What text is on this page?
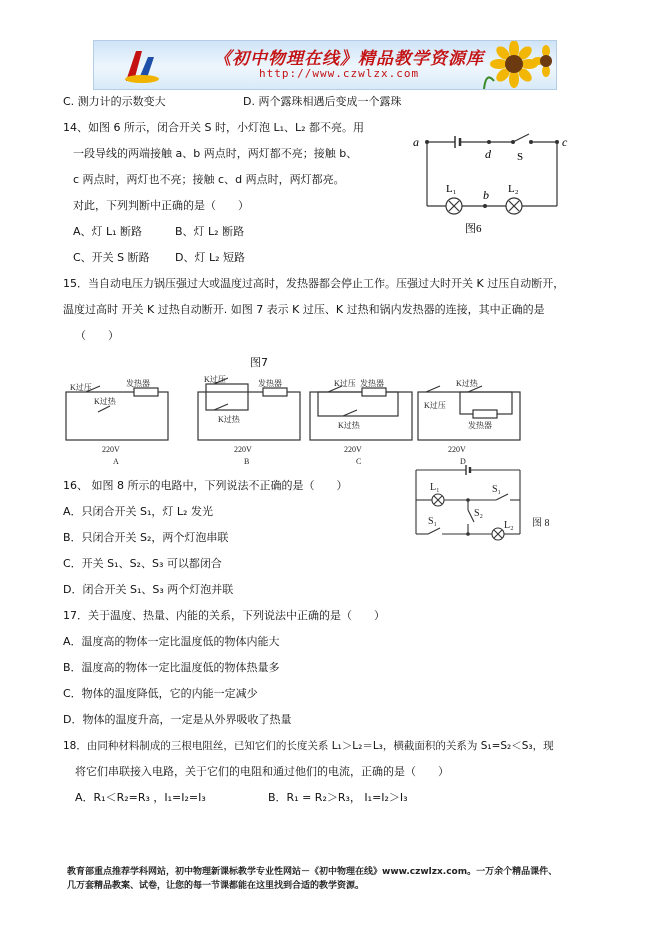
《初中物理在线》精品教学资源库
http://www.czwlzx.com
C. 测力计的示数变大	D. 两个露珠相遇后变成一个露珠
14、如图 6 所示，闭合开关 S 时，小灯泡 L₁、L₂ 都不亮。用
一段导线的两端接触 a、b 两点时，两灯都不亮；接触 b、
c 两点时，两灯也不亮；接触 c、d 两点时，两灯都亮。
对此，下列判断中正确的是（　　）
A、灯 L₁ 断路	B、灯 L₂ 断路
C、开关 S 断路 D、灯 L₂ 短路
a	c
d S
b
L₁	L₂
图6
15．当自动电压力锅压强过大或温度过高时，发热器都会停止工作。压强过大时开关 K 过压自动断开，
温度过高时 开关 K 过热自动断开. 如图 7 表示 K 过压、K 过热和锅内发热器的连接，其中正确的是
（　　）
图7
K过压	发热器
K过热
220V
A
K过压	发热器
K过热
220V
B
K过压 发热器
K过热
220V
C
K过压
K过热
发热器
220V
D
16、 如图 8 所示的电路中，下列说法不正确的是（　　）
A．只闭合开关 S₁，灯 L₂ 发光
B．只闭合开关 S₂，两个灯泡串联
C．开关 S₁、S₂、S₃ 可以都闭合
D．闭合开关 S₁、S₃ 两个灯泡并联
L₁	S₁
S₂
S₁	L₂ 图 8
17．关于温度、热量、内能的关系，下列说法中正确的是（　　）
A．温度高的物体一定比温度低的物体内能大
B．温度高的物体一定比温度低的物体热量多
C．物体的温度降低，它的内能一定减少
D．物体的温度升高，一定是从外界吸收了热量
18．由同种材料制成的三根电阻丝，已知它们的长度关系 L₁＞L₂＝L₃，横截面积的关系为 S₁=S₂＜S₃，现
将它们串联接入电路，关于它们的电阻和通过他们的电流，正确的是（　　）
A．R₁＜R₂=R₃ ，I₁=I₂=I₃	B．R₁ = R₂＞R₃， I₁=I₂＞I₃
教育部重点推荐学科网站，初中物理新课标教学专业性网站－《初中物理在线》www.czwlzx.com。一万余个精品课件、
几万套精品教案、试卷，让您的每一节课都能在这里找到合适的教学资源。
